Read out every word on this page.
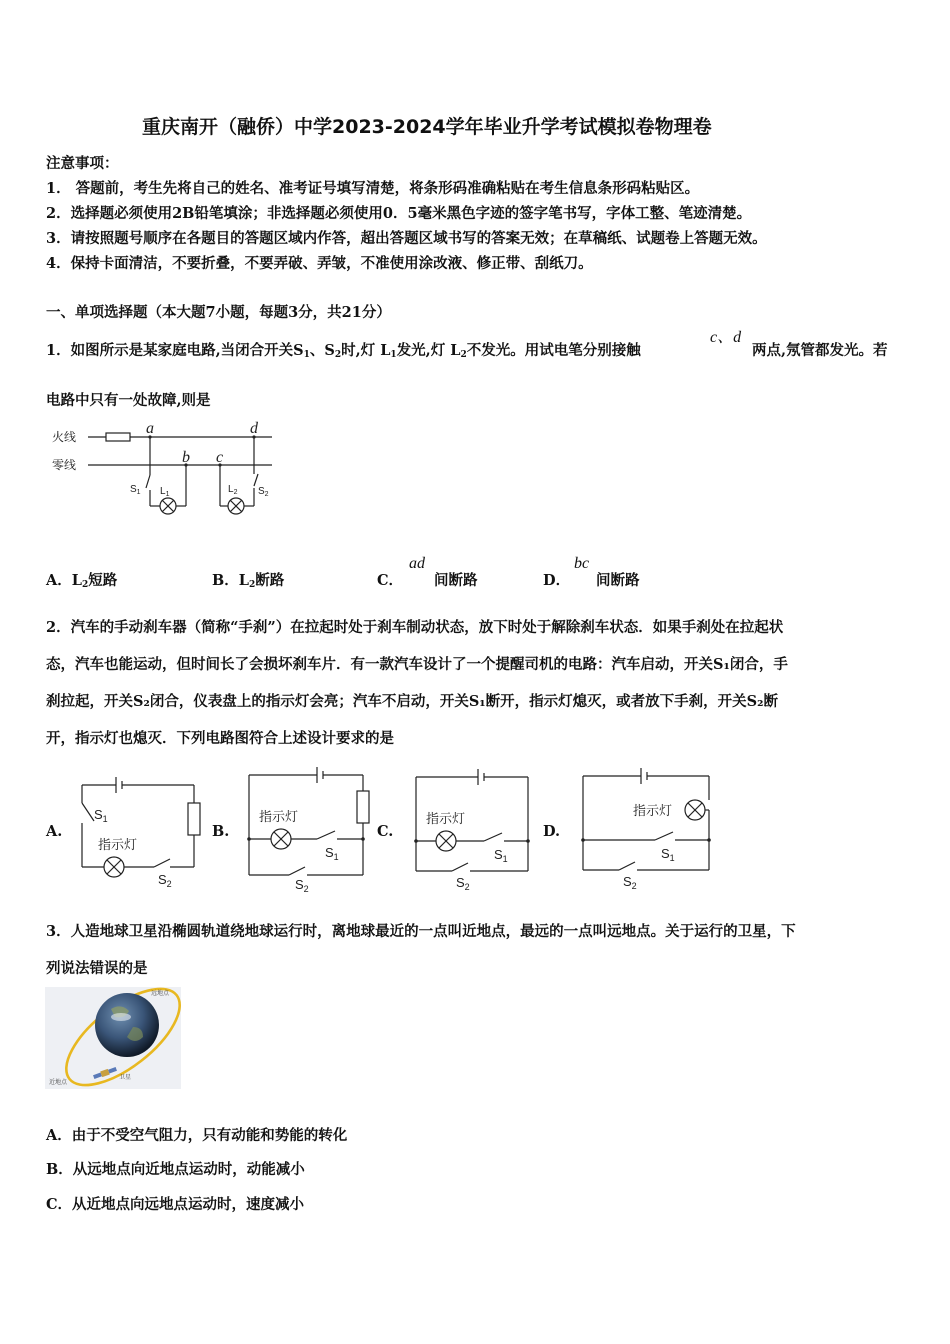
重庆南开（融侨）中学2023-2024学年毕业升学考试模拟卷物理卷
注意事项：
1． 答题前，考生先将自己的姓名、准考证号填写清楚，将条形码准确粘贴在考生信息条形码粘贴区。
2．选择题必须使用2B铅笔填涂；非选择题必须使用0．5毫米黑色字迹的签字笔书写，字体工整、笔迹清楚。
3．请按照题号顺序在各题目的答题区域内作答，超出答题区域书写的答案无效；在草稿纸、试题卷上答题无效。
4．保持卡面清洁，不要折叠，不要弄破、弄皱，不准使用涂改液、修正带、刮纸刀。
一、单项选择题（本大题7小题，每题3分，共21分）
1．如图所示是某家庭电路,当闭合开关$S_1$、$S_2$时,灯 $L_1$发光,灯 $L_2$不发光。用试电笔分别接触
c、d
两点,氖管都发光。若
电路中只有一处故障,则是
火线
零线
a
b c
d
$S_1$ $L_1$	$L_2$ $S_2$
A．$L_2$短路	B．$L_2$断路	C．
ad
间断路	D．
bc
间断路
2．汽车的手动刹车器（简称“手刹”）在拉起时处于刹车制动状态，放下时处于解除刹车状态．如果手刹处在拉起状
态，汽车也能运动，但时间长了会损坏刹车片．有一款汽车设计了一个提醒司机的电路：汽车启动，开关S₁闭合，手
刹拉起，开关S₂闭合，仪表盘上的指示灯会亮；汽车不启动，开关S₁断开，指示灯熄灭，或者放下手刹，开关S₂断
开，指示灯也熄灭．下列电路图符合上述设计要求的是
A.	B.	C.	D.
$S_1$
指示灯
$S_2$
指示灯
$S_1$
$S_2$
指示灯
$S_1$
$S_2$
指示灯
$S_1$
$S_2$
3．人造地球卫星沿椭圆轨道绕地球运行时，离地球最近的一点叫近地点，最远的一点叫远地点。关于运行的卫星，下
列说法错误的是
远地点
近地点
卫星
A．由于不受空气阻力，只有动能和势能的转化
B．从远地点向近地点运动时，动能减小
C．从近地点向远地点运动时，速度减小
